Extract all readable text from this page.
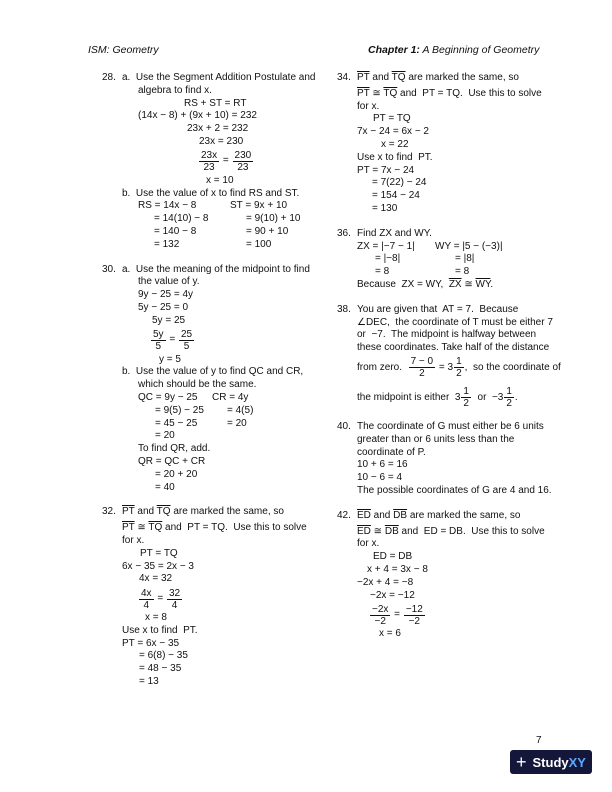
ISM: Geometry	Chapter 1: A Beginning of Geometry
28. a.  Use the Segment Addition Postulate and
algebra to find x.
RS + ST = RT
(14x − 8) + (9x + 10) = 232
23x + 2 = 232
23x = 230
$\frac{23x}{23} = \frac{230}{23}$
x = 10
b.  Use the value of x to find RS and ST.
RS = 14x − 8
= 14(10) − 8
= 140 − 8
= 132
ST = 9x + 10
= 9(10) + 10
= 90 + 10
= 100
30. a.  Use the meaning of the midpoint to find
the value of y.
9y − 25 = 4y
5y − 25 = 0
5y = 25
$\frac{5y}{5} = \frac{25}{5}$
y = 5
b.  Use the value of y to find QC and CR,
which should be the same.
QC = 9y − 25
= 9(5) − 25
= 45 − 25
= 20
CR = 4y
= 4(5)
= 20
To find QR, add.
QR = QC + CR
= 20 + 20
= 40
32. $\overline{PT}$ and $\overline{TQ}$ are marked the same, so
$\overline{PT}$ ≅ $\overline{TQ}$ and  PT = TQ.  Use this to solve
for x.
PT = TQ
6x − 35 = 2x − 3
4x = 32
$\frac{4x}{4} = \frac{32}{4}$
x = 8
Use x to find  PT.
PT = 6x − 35
= 6(8) − 35
= 48 − 35
= 13
34. $\overline{PT}$ and $\overline{TQ}$ are marked the same, so
$\overline{PT}$ ≅ $\overline{TQ}$ and  PT = TQ.  Use this to solve
for x.
PT = TQ
7x − 24 = 6x − 2
x = 22
Use x to find  PT.
PT = 7x − 24
= 7(22) − 24
= 154 − 24
= 130
36. Find ZX and WY.
ZX = |−7 − 1|
= |−8|
= 8
WY = |5 − (−3)|
= |8|
= 8
Because  ZX = WY,  $\overline{ZX}$ ≅ $\overline{WY}$.
38. You are given that  AT = 7.  Because
∠DEC,  the coordinate of T must be either 7
or  −7.  The midpoint is halfway between
these coordinates. Take half of the distance
from zero. $\frac{7 - 0}{2} = 3 \frac{1}{2}$ ,  so the coordinate of
the midpoint is either  $3 \frac{1}{2}$ or  $-3 \frac{1}{2}$ .
40. The coordinate of G must either be 6 units
greater than or 6 units less than the
coordinate of P.
10 + 6 = 16
10 − 6 = 4
The possible coordinates of G are 4 and 16.
42. $\overline{ED}$ and $\overline{DB}$ are marked the same, so
$\overline{ED}$ ≅ $\overline{DB}$ and  ED = DB.  Use this to solve
for x.
ED = DB
x + 4 = 3x − 8
−2x + 4 = −8
−2x = −12
$\frac{-2x}{-2} = \frac{-12}{-2}$
x = 6
7
+ Study XY
